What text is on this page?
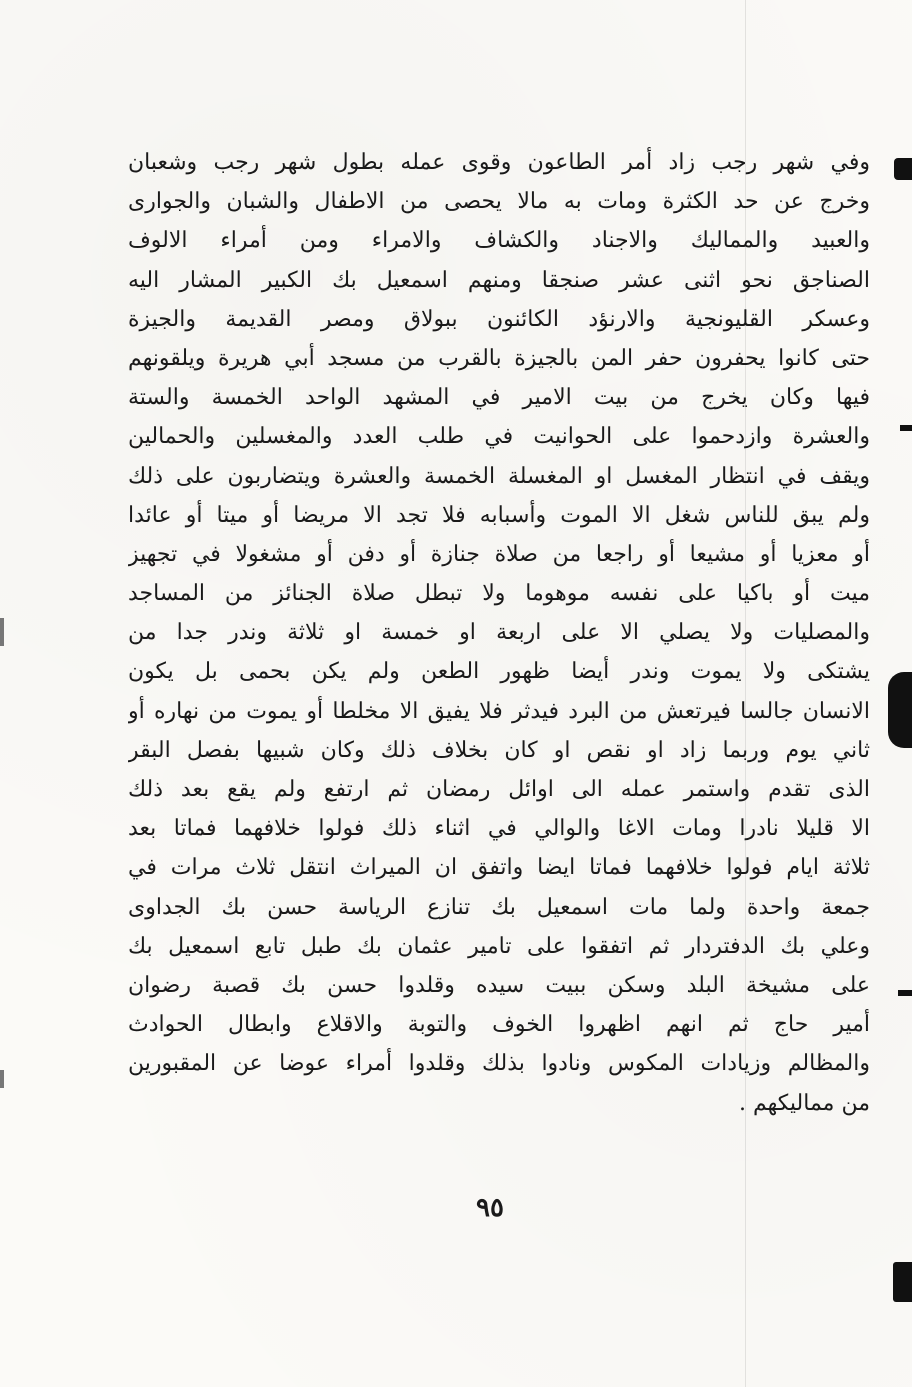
وفي شهر رجب زاد أمر الطاعون وقوى عمله بطول شهر رجب وشعبان
وخرج عن حد الكثرة ومات به مالا يحصى من الاطفال والشبان والجوارى
والعبيد والمماليك والاجناد والكشاف والامراء ومن أمراء الالوف
الصناجق نحو اثنى عشر صنجقا ومنهم اسمعيل بك الكبير المشار اليه
وعسكر القليونجية والارنؤد الكائنون ببولاق ومصر القديمة والجيزة
حتى كانوا يحفرون حفر المن بالجيزة بالقرب من مسجد أبي هريرة ويلقونهم
فيها وكان يخرج من بيت الامير في المشهد الواحد الخمسة والستة
والعشرة وازدحموا على الحوانيت في طلب العدد والمغسلين والحمالين
ويقف في انتظار المغسل او المغسلة الخمسة والعشرة ويتضاربون على ذلك
ولم يبق للناس شغل الا الموت وأسبابه فلا تجد الا مريضا أو ميتا أو عائدا
أو معزيا أو مشيعا أو راجعا من صلاة جنازة أو دفن أو مشغولا في تجهيز
ميت أو باكيا على نفسه موهوما ولا تبطل صلاة الجنائز من المساجد
والمصليات ولا يصلي الا على اربعة او خمسة او ثلاثة وندر جدا من
يشتكى ولا يموت وندر أيضا ظهور الطعن ولم يكن بحمى بل يكون
الانسان جالسا فيرتعش من البرد فيدثر فلا يفيق الا مخلطا أو يموت من نهاره أو
ثاني يوم وربما زاد او نقص او كان بخلاف ذلك وكان شبيها بفصل البقر
الذى تقدم واستمر عمله الى اوائل رمضان ثم ارتفع ولم يقع بعد ذلك
الا قليلا نادرا ومات الاغا والوالي في اثناء ذلك فولوا خلافهما فماتا بعد
ثلاثة ايام فولوا خلافهما فماتا ايضا واتفق ان الميراث انتقل ثلاث مرات في
جمعة واحدة ولما مات اسمعيل بك تنازع الرياسة حسن بك الجداوى
وعلي بك الدفتردار ثم اتفقوا على تامير عثمان بك طبل تابع اسمعيل بك
على مشيخة البلد وسكن ببيت سيده وقلدوا حسن بك قصبة رضوان
أمير حاج ثم انهم اظهروا الخوف والتوبة والاقلاع وابطال الحوادث
والمظالم وزيادات المكوس ونادوا بذلك وقلدوا أمراء عوضا عن المقبورين
من مماليكهم .
٩٥
